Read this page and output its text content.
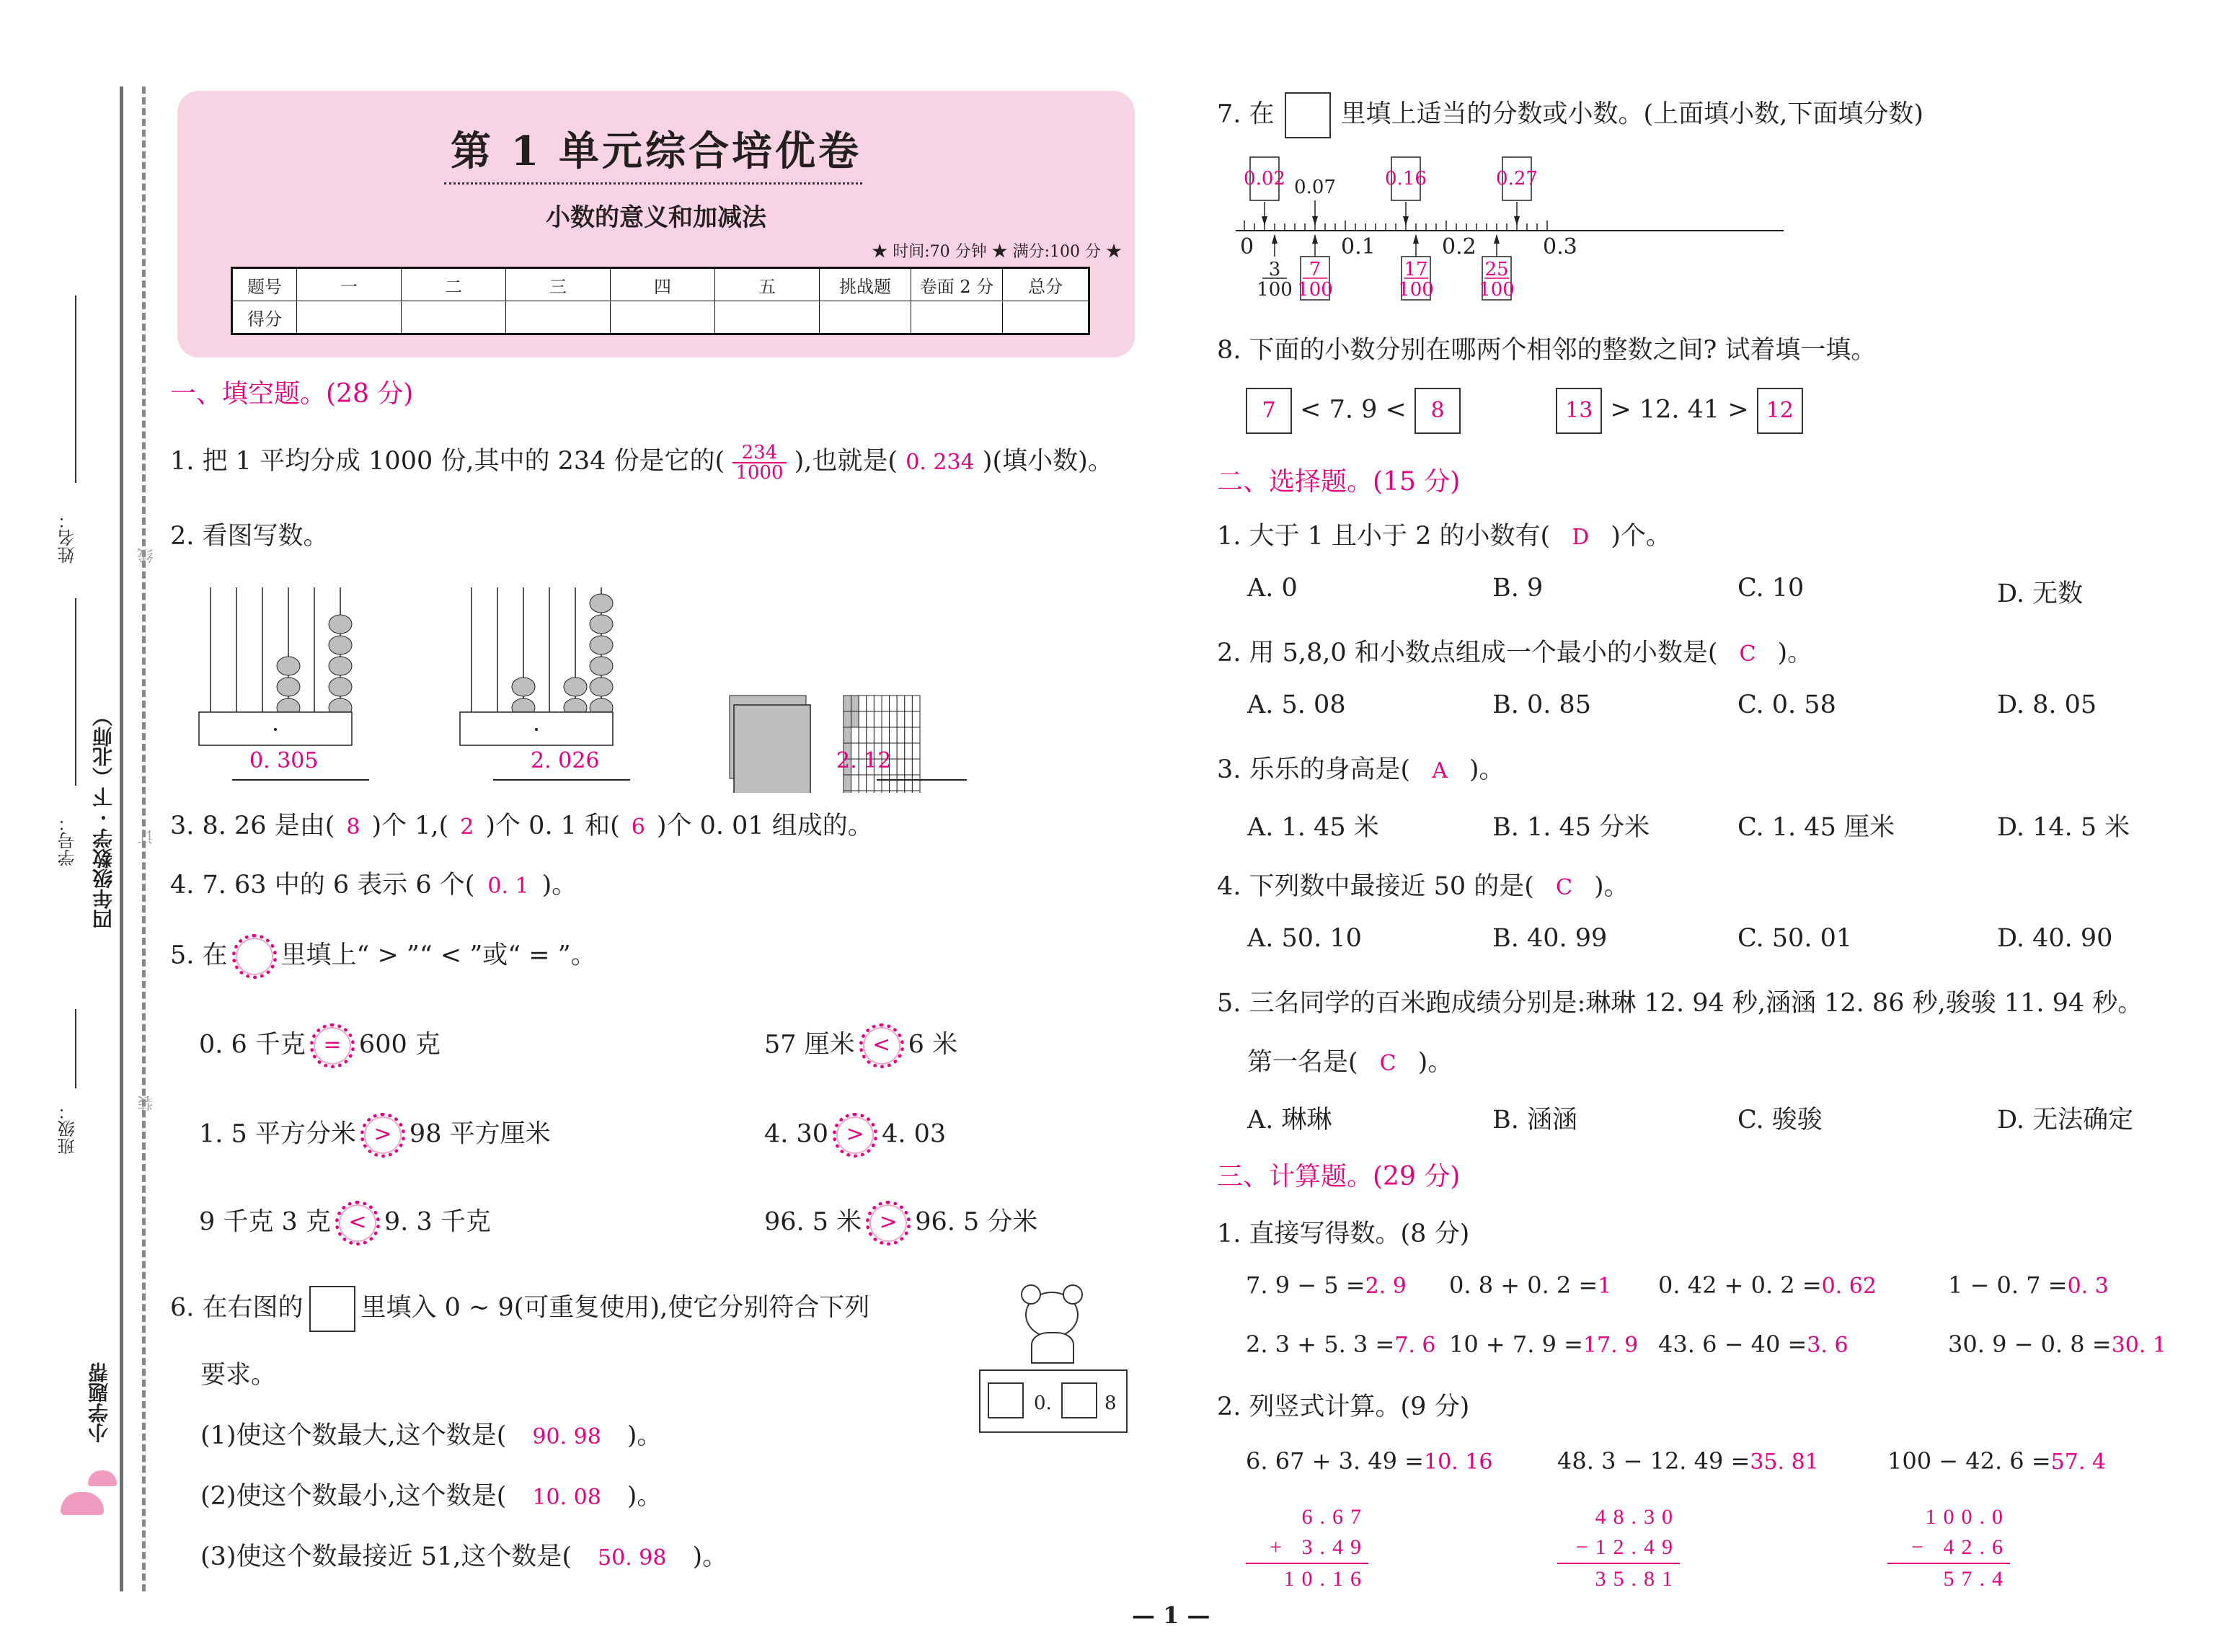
班级：
学号：
姓名：
四年级数学 · 下（北师）
小学题帮
装
订
线
第 1 单元综合培优卷
小数的意义和加减法
★ 时间:70 分钟 ★ 满分:100 分 ★
题号	一	二	三	四	五	挑战题	卷面 2 分	总分
得分								
一、填空题。(28 分)
1. 把 1 平均分成 1000 份,其中的 234 份是它的( $\frac{234}{1000}$ ),也就是( 0. 234 )(填小数)。
2. 看图写数。
0. 305	2. 026	2. 12
3. 8. 26 是由( 8 )个 1,( 2 )个 0. 1 和( 6 )个 0. 01 组成的。
4. 7. 63 中的 6 表示 6 个( 0. 1 )。
5. 在 里填上“ > ”“ < ”或“ = ”。
0. 6 千克 = 600 克	57 厘米 < 6 米
1. 5 平方分米 > 98 平方厘米	4. 30 > 4. 03
9 千克 3 克 < 9. 3 千克	96. 5 米 > 96. 5 分米
6. 在右图的 里填入 0 ~ 9(可重复使用),使它分别符合下列
要求。
0.	8
(1)使这个数最大,这个数是( 90. 98 )。
(2)使这个数最小,这个数是( 10. 08 )。
(3)使这个数最接近 51,这个数是( 50. 98 )。
7. 在	里填上适当的分数或小数。(上面填小数,下面填分数)
0	0.1	0.2	0.3
0.02 0.07	0.16	0.27
3
100
7
100
17
100
25
100
8. 下面的小数分别在哪两个相邻的整数之间? 试着填一填。
7 < 7. 9 < 8	13 > 12. 41 > 12
二、选择题。(15 分)
1. 大于 1 且小于 2 的小数有( D )个。
A. 0	B. 9	C. 10	D. 无数
2. 用 5,8,0 和小数点组成一个最小的小数是( C )。
A. 5. 08	B. 0. 85	C. 0. 58	D. 8. 05
3. 乐乐的身高是( A )。
A. 1. 45 米	B. 1. 45 分米	C. 1. 45 厘米	D. 14. 5 米
4. 下列数中最接近 50 的是( C )。
A. 50. 10	B. 40. 99	C. 50. 01	D. 40. 90
5. 三名同学的百米跑成绩分别是:琳琳 12. 94 秒,涵涵 12. 86 秒,骏骏 11. 94 秒。
第一名是( C )。
A. 琳琳	B. 涵涵	C. 骏骏	D. 无法确定
三、计算题。(29 分)
1. 直接写得数。(8 分)
7. 9 − 5 =2. 9 0. 8 + 0. 2 =1 0. 42 + 0. 2 =0. 62	1 − 0. 7 =0. 3
2. 3 + 5. 3 =7. 6 10 + 7. 9 =17. 9 43. 6 − 40 =3. 6	30. 9 − 0. 8 =30. 1
2. 列竖式计算。(9 分)
6. 67 + 3. 49 =10. 16
6.67
+ 3.49
10.16
48. 3 − 12. 49 =35. 81
48.30
−12.49
35.81
100 − 42. 6 =57. 4
100.0
− 42.6
57.4
— 1 —
